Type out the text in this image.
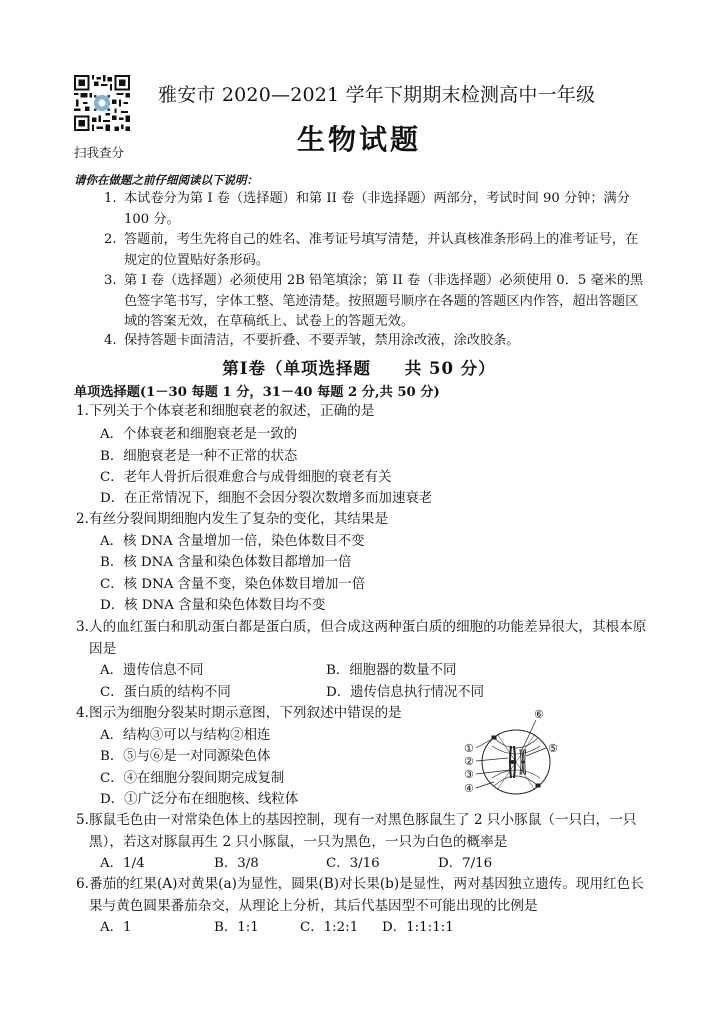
扫我查分
雅安市 2020—2021 学年下期期末检测高中一年级
生物试题
请你在做题之前仔细阅读以下说明：
1. 本试卷分为第 I 卷（选择题）和第 II 卷（非选择题）两部分，考试时间 90 分钟；满分 100 分。
2. 答题前，考生先将自己的姓名、准考证号填写清楚，并认真核准条形码上的准考证号，在规定的位置贴好条形码。
3. 第 I 卷（选择题）必须使用 2B 铅笔填涂；第 II 卷（非选择题）必须使用 0．5 毫米的黑色签字笔书写，字体工整、笔迹清楚。按照题号顺序在各题的答题区内作答，超出答题区域的答案无效，在草稿纸上、试卷上的答题无效。
4. 保持答题卡面清洁，不要折叠、不要弄皱，禁用涂改液，涂改胶条。
第Ⅰ卷（单项选择题     共 50 分）
单项选择题(1－30 每题 1 分，31－40 每题 2 分,共 50 分)
1. 下列关于个体衰老和细胞衰老的叙述，正确的是
A．个体衰老和细胞衰老是一致的
B．细胞衰老是一种不正常的状态
C．老年人骨折后很难愈合与成骨细胞的衰老有关
D．在正常情况下，细胞不会因分裂次数增多而加速衰老
2. 有丝分裂间期细胞内发生了复杂的变化，其结果是
A．核 DNA 含量增加一倍，染色体数目不变
B．核 DNA 含量和染色体数目都增加一倍
C．核 DNA 含量不变，染色体数目增加一倍
D．核 DNA 含量和染色体数目均不变
3. 人的血红蛋白和肌动蛋白都是蛋白质，但合成这两种蛋白质的细胞的功能差异很大，其根本原因是
A．遗传信息不同	B．细胞器的数量不同
C．蛋白质的结构不同	D．遗传信息执行情况不同
4. 图示为细胞分裂某时期示意图，下列叙述中错误的是
A．结构③可以与结构②相连
B．⑤与⑥是一对同源染色体
C．④在细胞分裂间期完成复制
D．①广泛分布在细胞核、线粒体
①
②
③
④
⑤
⑥
5. 豚鼠毛色由一对常染色体上的基因控制，现有一对黑色豚鼠生了 2 只小豚鼠（一只白，一只黑），若这对豚鼠再生 2 只小豚鼠，一只为黑色，一只为白色的概率是
A．1/4	B．3/8	C．3/16	D．7/16
6. 番茄的红果(A)对黄果(a)为显性，圆果(B)对长果(b)是显性，两对基因独立遗传。现用红色长果与黄色圆果番茄杂交，从理论上分析，其后代基因型不可能出现的比例是
A．1	B．1:1	C．1:2:1 D．1:1:1:1
